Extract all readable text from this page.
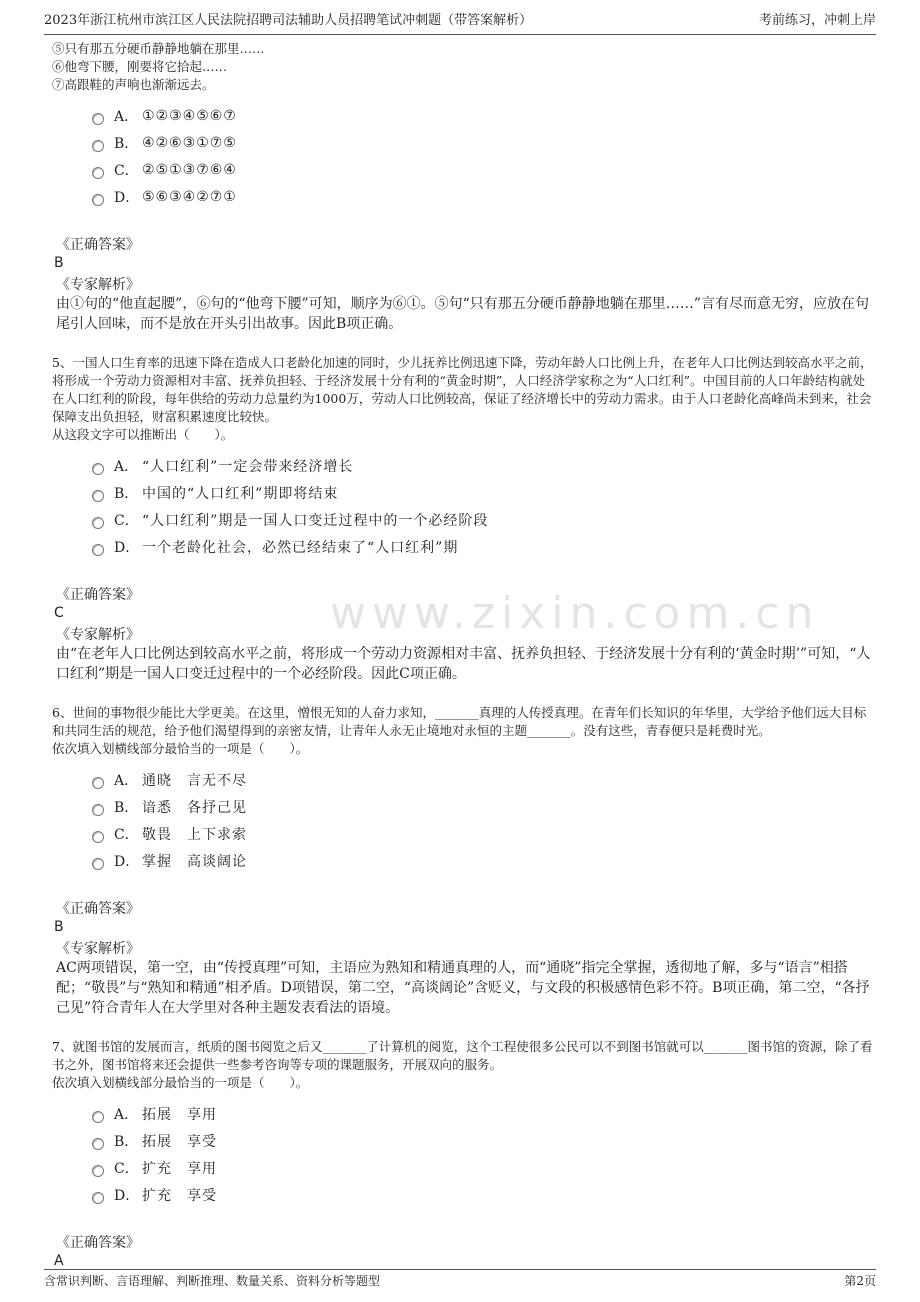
2023年浙江杭州市滨江区人民法院招聘司法辅助人员招聘笔试冲刺题（带答案解析）	考前练习，冲刺上岸
www.zixin.com.cn

⑤只有那五分硬币静静地躺在那里……

⑥他弯下腰，刚要将它拾起……

⑦高跟鞋的声响也渐渐远去。

A． ①②③④⑤⑥⑦
B． ④②⑥③①⑦⑤
C． ②⑤①③⑦⑥④
D． ⑤⑥③④②⑦①

《正确答案》

B

《专家解析》

由①句的“他直起腰”，⑥句的“他弯下腰”可知，顺序为⑥①。⑤句“只有那五分硬币静静地躺在那里……”言有尽而意无穷，应放在句尾引人回味，而不是放在开头引出故事。因此B项正确。

5、一国人口生育率的迅速下降在造成人口老龄化加速的同时，少儿抚养比例迅速下降，劳动年龄人口比例上升，在老年人口比例达到较高水平之前，将形成一个劳动力资源相对丰富、抚养负担轻、于经济发展十分有利的“黄金时期”，人口经济学家称之为“人口红利”。中国目前的人口年龄结构就处在人口红利的阶段，每年供给的劳动力总量约为1000万，劳动人口比例较高，保证了经济增长中的劳动力需求。由于人口老龄化高峰尚未到来，社会保障支出负担轻，财富积累速度比较快。

从这段文字可以推断出（　　）。

A． “人口红利”一定会带来经济增长
B． 中国的“人口红利”期即将结束
C． “人口红利”期是一国人口变迁过程中的一个必经阶段
D． 一个老龄化社会，必然已经结束了“人口红利”期

《正确答案》

C

《专家解析》

由“在老年人口比例达到较高水平之前，将形成一个劳动力资源相对丰富、抚养负担轻、于经济发展十分有利的‘黄金时期’”可知，“人口红利”期是一国人口变迁过程中的一个必经阶段。因此C项正确。

6、世间的事物很少能比大学更美。在这里，憎恨无知的人奋力求知，_______真理的人传授真理。在青年们长知识的年华里，大学给予他们远大目标和共同生活的规范，给予他们渴望得到的亲密友情，让青年人永无止境地对永恒的主题_______。没有这些，青春便只是耗费时光。

依次填入划横线部分最恰当的一项是（　　）。

A． 通晓　言无不尽
B． 谙悉　各抒己见
C． 敬畏　上下求索
D． 掌握　高谈阔论

《正确答案》

B

《专家解析》

AC两项错误，第一空，由“传授真理”可知，主语应为熟知和精通真理的人，而“通晓”指完全掌握，透彻地了解，多与“语言”相搭配；“敬畏”与“熟知和精通”相矛盾。D项错误，第二空，“高谈阔论”含贬义，与文段的积极感情色彩不符。B项正确，第二空，“各抒己见”符合青年人在大学里对各种主题发表看法的语境。

7、就图书馆的发展而言，纸质的图书阅览之后又_______了计算机的阅览，这个工程使很多公民可以不到图书馆就可以_______图书馆的资源，除了看书之外，图书馆将来还会提供一些参考咨询等专项的课题服务，开展双向的服务。

依次填入划横线部分最恰当的一项是（　　）。

A． 拓展　享用
B． 拓展　享受
C． 扩充　享用
D． 扩充　享受

《正确答案》

A

含常识判断、言语理解、判断推理、数量关系、资料分析等题型	第2页
